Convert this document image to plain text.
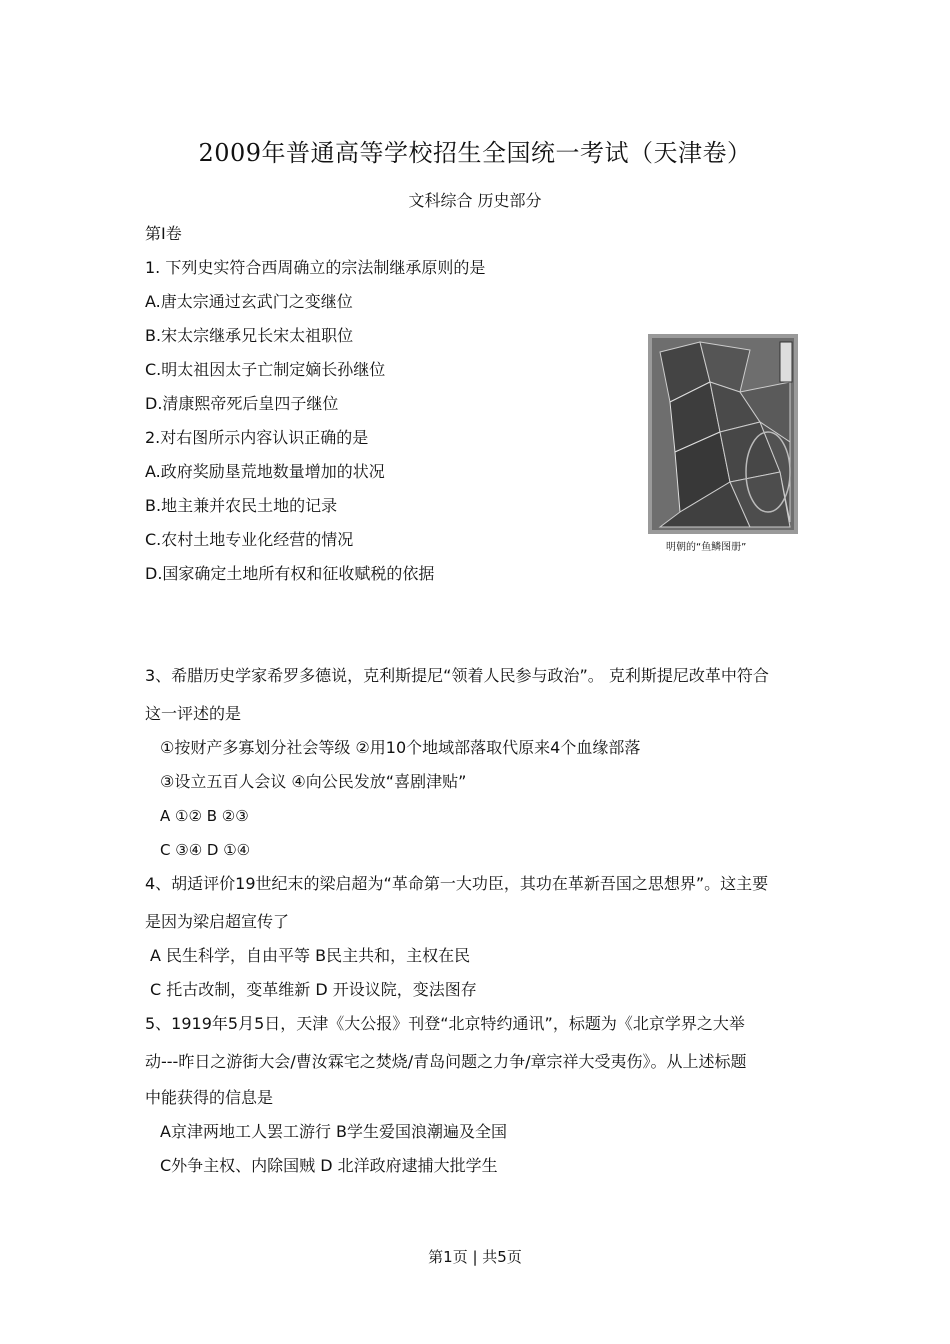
2009年普通高等学校招生全国统一考试（天津卷）
文科综合 历史部分
第Ⅰ卷
1. 下列史实符合西周确立的宗法制继承原则的是
A.唐太宗通过玄武门之变继位
B.宋太宗继承兄长宋太祖职位
C.明太祖因太子亡制定嫡长孙继位
D.清康熙帝死后皇四子继位
2.对右图所示内容认识正确的是
A.政府奖励垦荒地数量增加的状况
B.地主兼并农民土地的记录
C.农村土地专业化经营的情况
D.国家确定土地所有权和征收赋税的依据
明朝的“鱼鳞图册”
3、希腊历史学家希罗多德说，克利斯提尼“领着人民参与政治”。 克利斯提尼改革中符合
这一评述的是
①按财产多寡划分社会等级 ②用10个地域部落取代原来4个血缘部落
③设立五百人会议 ④向公民发放“喜剧津贴”
A ①② B ②③
C ③④ D ①④
4、胡适评价19世纪末的梁启超为“革命第一大功臣，其功在革新吾国之思想界”。这主要
是因为梁启超宣传了
A 民生科学，自由平等 B民主共和，主权在民
C 托古改制，变革维新 D 开设议院，变法图存
5、1919年5月5日，天津《大公报》刊登“北京特约通讯”，标题为《北京学界之大举
动---昨日之游街大会/曹汝霖宅之焚烧/青岛问题之力争/章宗祥大受夷伤》。从上述标题
中能获得的信息是
A京津两地工人罢工游行 B学生爱国浪潮遍及全国
C外争主权、内除国贼 D 北洋政府逮捕大批学生
第1页 | 共5页
